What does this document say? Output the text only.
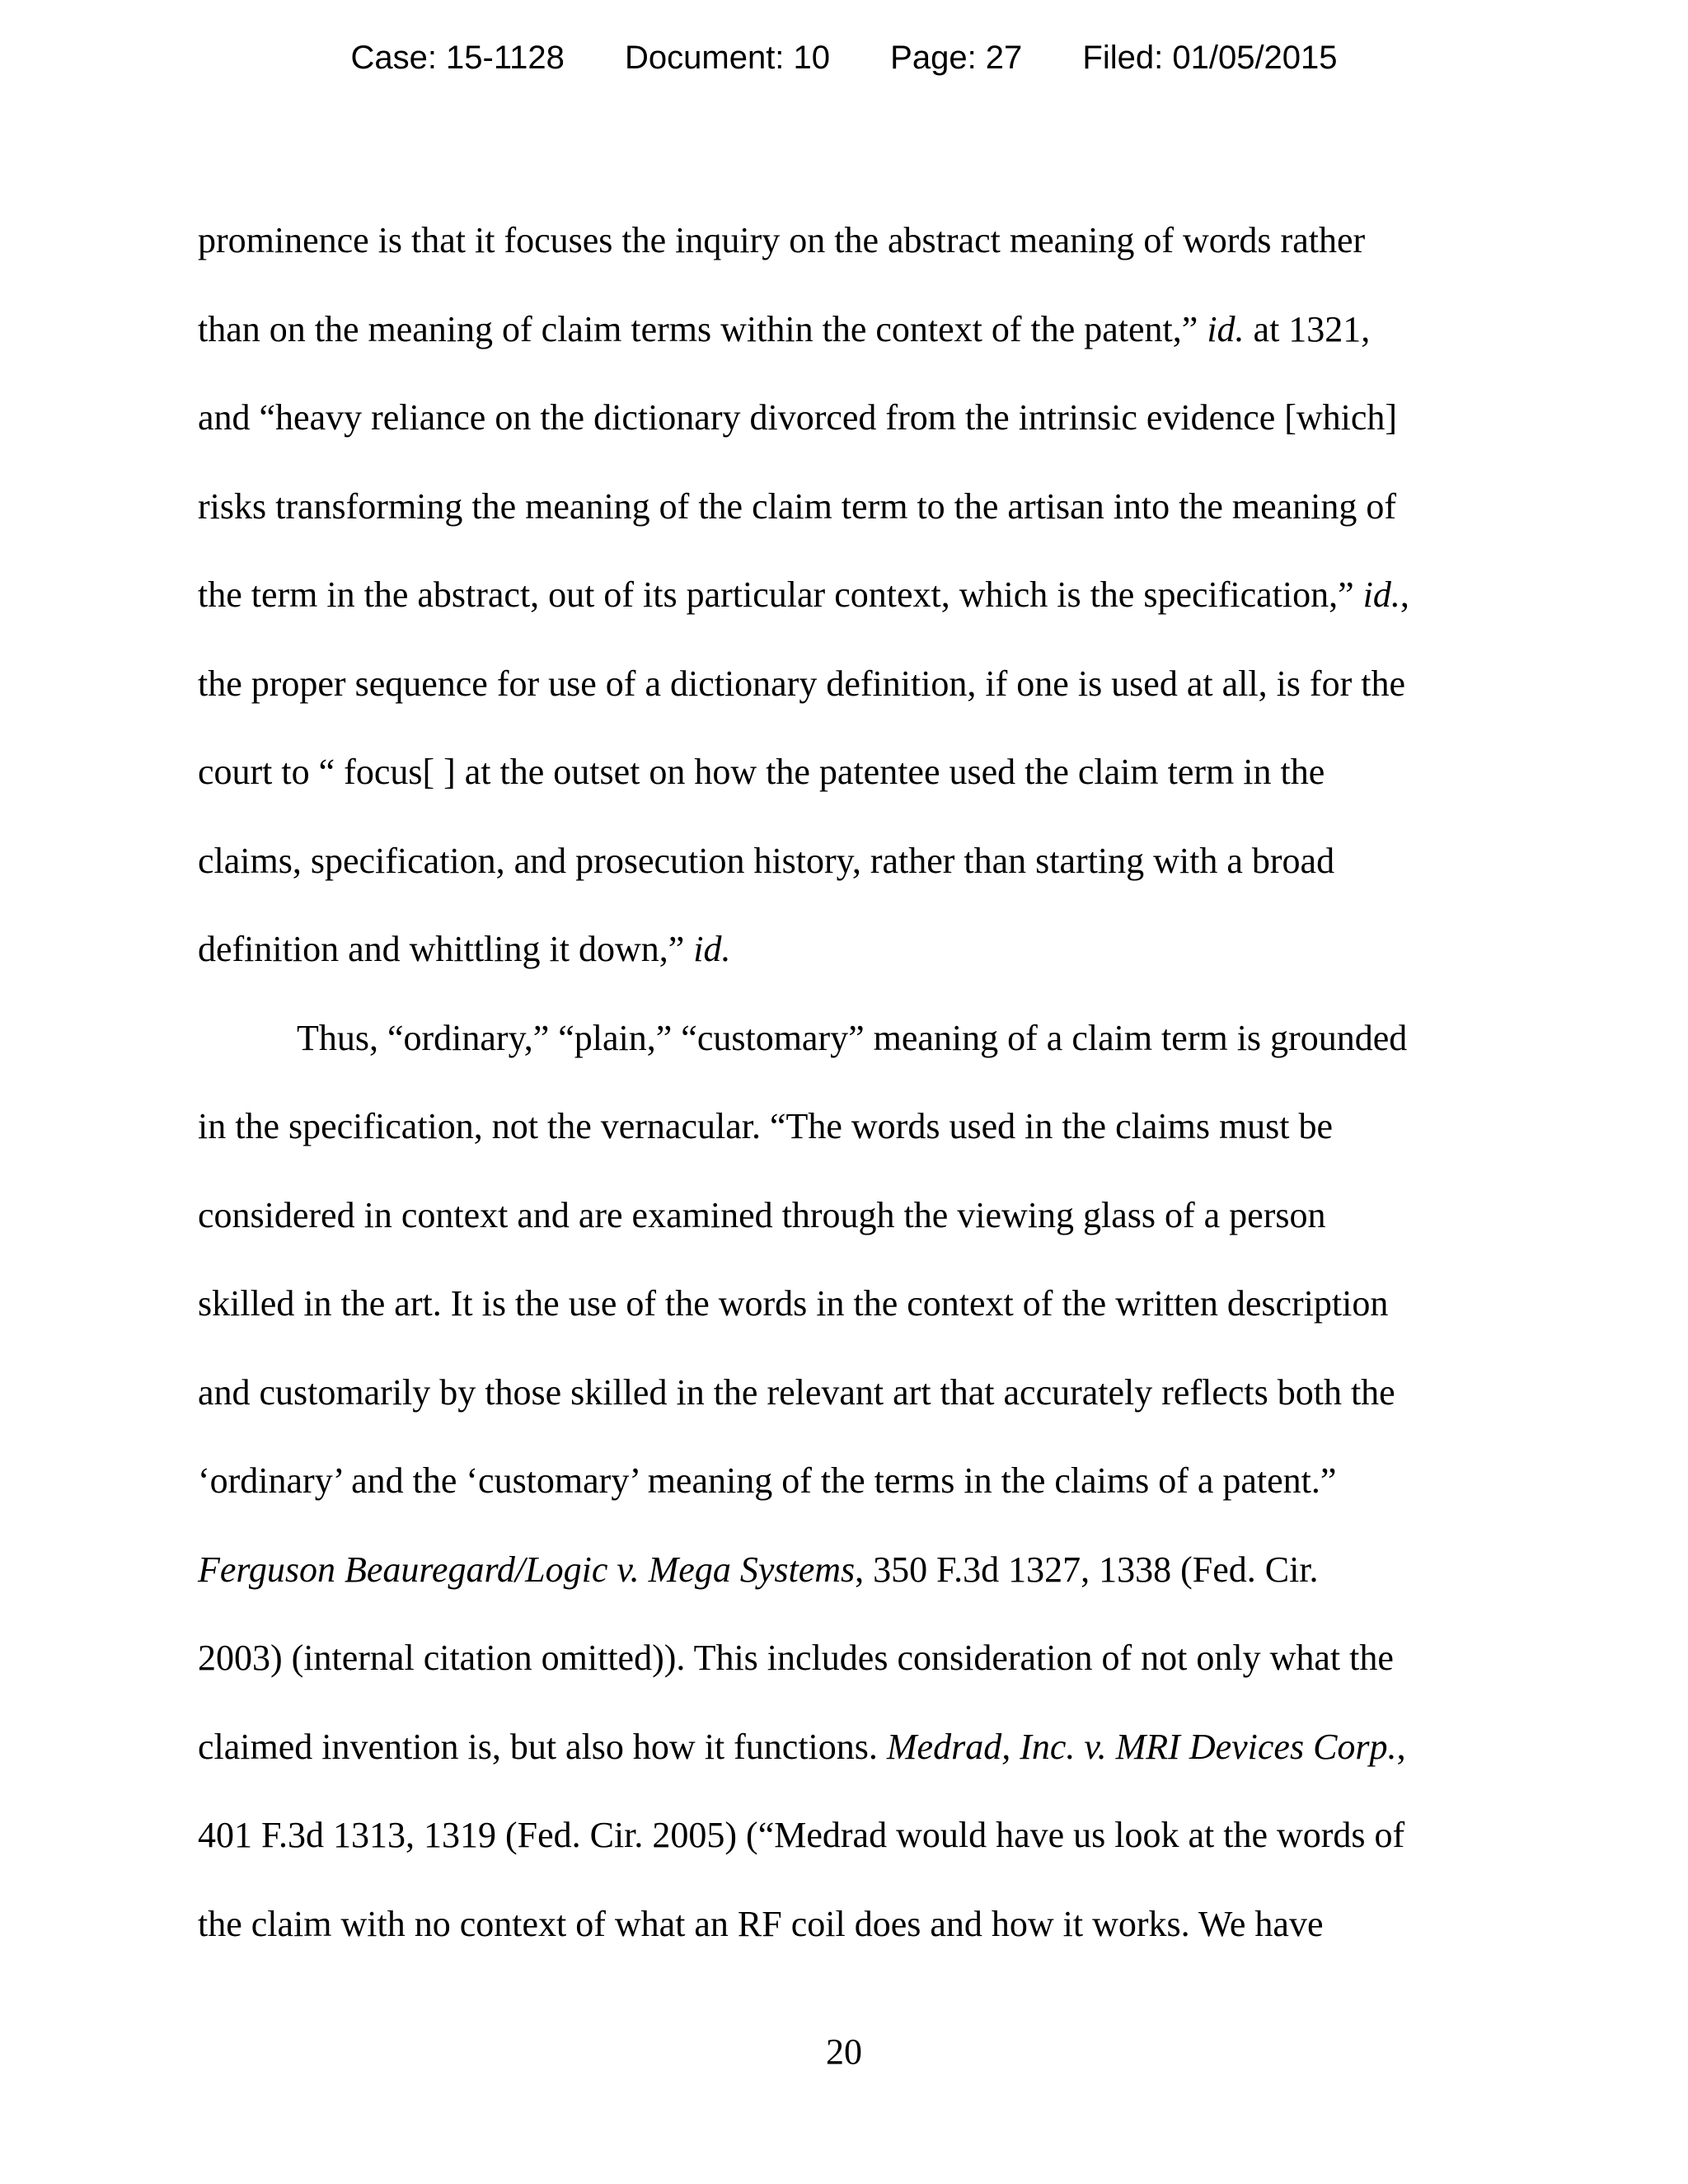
Case: 15-1128 Document: 10 Page: 27 Filed: 01/05/2015
prominence is that it focuses the inquiry on the abstract meaning of words rather
than on the meaning of claim terms within the context of the patent,” id. at 1321,
and “heavy reliance on the dictionary divorced from the intrinsic evidence [which]
risks transforming the meaning of the claim term to the artisan into the meaning of
the term in the abstract, out of its particular context, which is the specification,” id.,
the proper sequence for use of a dictionary definition, if one is used at all, is for the
court to “ focus[ ] at the outset on how the patentee used the claim term in the
claims, specification, and prosecution history, rather than starting with a broad
definition and whittling it down,” id.
Thus, “ordinary,” “plain,” “customary” meaning of a claim term is grounded
in the specification, not the vernacular. “The words used in the claims must be
considered in context and are examined through the viewing glass of a person
skilled in the art. It is the use of the words in the context of the written description
and customarily by those skilled in the relevant art that accurately reflects both the
‘ordinary’ and the ‘customary’ meaning of the terms in the claims of a patent.”
Ferguson Beauregard/Logic v. Mega Systems, 350 F.3d 1327, 1338 (Fed. Cir.
2003) (internal citation omitted)). This includes consideration of not only what the
claimed invention is, but also how it functions. Medrad, Inc. v. MRI Devices Corp.,
401 F.3d 1313, 1319 (Fed. Cir. 2005) (“Medrad would have us look at the words of
the claim with no context of what an RF coil does and how it works. We have
20
